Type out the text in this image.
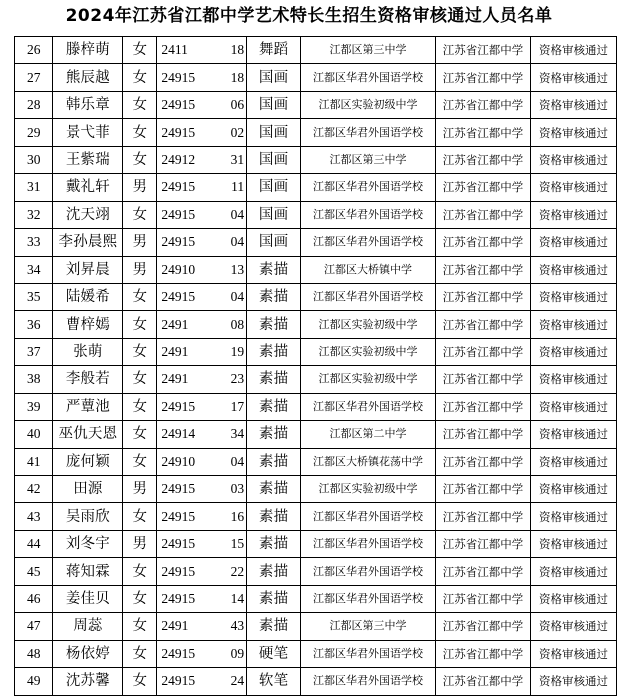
2024年江苏省江都中学艺术特长生招生资格审核通过人员名单
26	滕梓萌	女	2411 18	舞蹈	江都区第三中学	江苏省江都中学	资格审核通过
27	熊辰越	女	24915 18	国画	江都区华君外国语学校	江苏省江都中学	资格审核通过
28	韩乐章	女	24915 06	国画	江都区实验初级中学	江苏省江都中学	资格审核通过
29	景弋菲	女	24915 02	国画	江都区华君外国语学校	江苏省江都中学	资格审核通过
30	王紫瑞	女	24912 31	国画	江都区第三中学	江苏省江都中学	资格审核通过
31	戴礼轩	男	24915 11	国画	江都区华君外国语学校	江苏省江都中学	资格审核通过
32	沈天翊	女	24915 04	国画	江都区华君外国语学校	江苏省江都中学	资格审核通过
33	李孙晨熙	男	24915 04	国画	江都区华君外国语学校	江苏省江都中学	资格审核通过
34	刘昇晨	男	24910 13	素描	江都区大桥镇中学	江苏省江都中学	资格审核通过
35	陆媛希	女	24915 04	素描	江都区华君外国语学校	江苏省江都中学	资格审核通过
36	曹梓嫣	女	2491 08	素描	江都区实验初级中学	江苏省江都中学	资格审核通过
37	张萌	女	2491 19	素描	江都区实验初级中学	江苏省江都中学	资格审核通过
38	李般若	女	2491 23	素描	江都区实验初级中学	江苏省江都中学	资格审核通过
39	严蕈池	女	24915 17	素描	江都区华君外国语学校	江苏省江都中学	资格审核通过
40	巫仇天恩	女	24914 34	素描	江都区第二中学	江苏省江都中学	资格审核通过
41	庞何颖	女	24910 04	素描	江都区大桥镇花荡中学	江苏省江都中学	资格审核通过
42	田源	男	24915 03	素描	江都区实验初级中学	江苏省江都中学	资格审核通过
43	吴雨欣	女	24915 16	素描	江都区华君外国语学校	江苏省江都中学	资格审核通过
44	刘冬宇	男	24915 15	素描	江都区华君外国语学校	江苏省江都中学	资格审核通过
45	蒋知霖	女	24915 22	素描	江都区华君外国语学校	江苏省江都中学	资格审核通过
46	姜佳贝	女	24915 14	素描	江都区华君外国语学校	江苏省江都中学	资格审核通过
47	周蕊	女	2491 43	素描	江都区第三中学	江苏省江都中学	资格审核通过
48	杨依婷	女	24915 09	硬笔	江都区华君外国语学校	江苏省江都中学	资格审核通过
49	沈苏馨	女	24915 24	软笔	江都区华君外国语学校	江苏省江都中学	资格审核通过
